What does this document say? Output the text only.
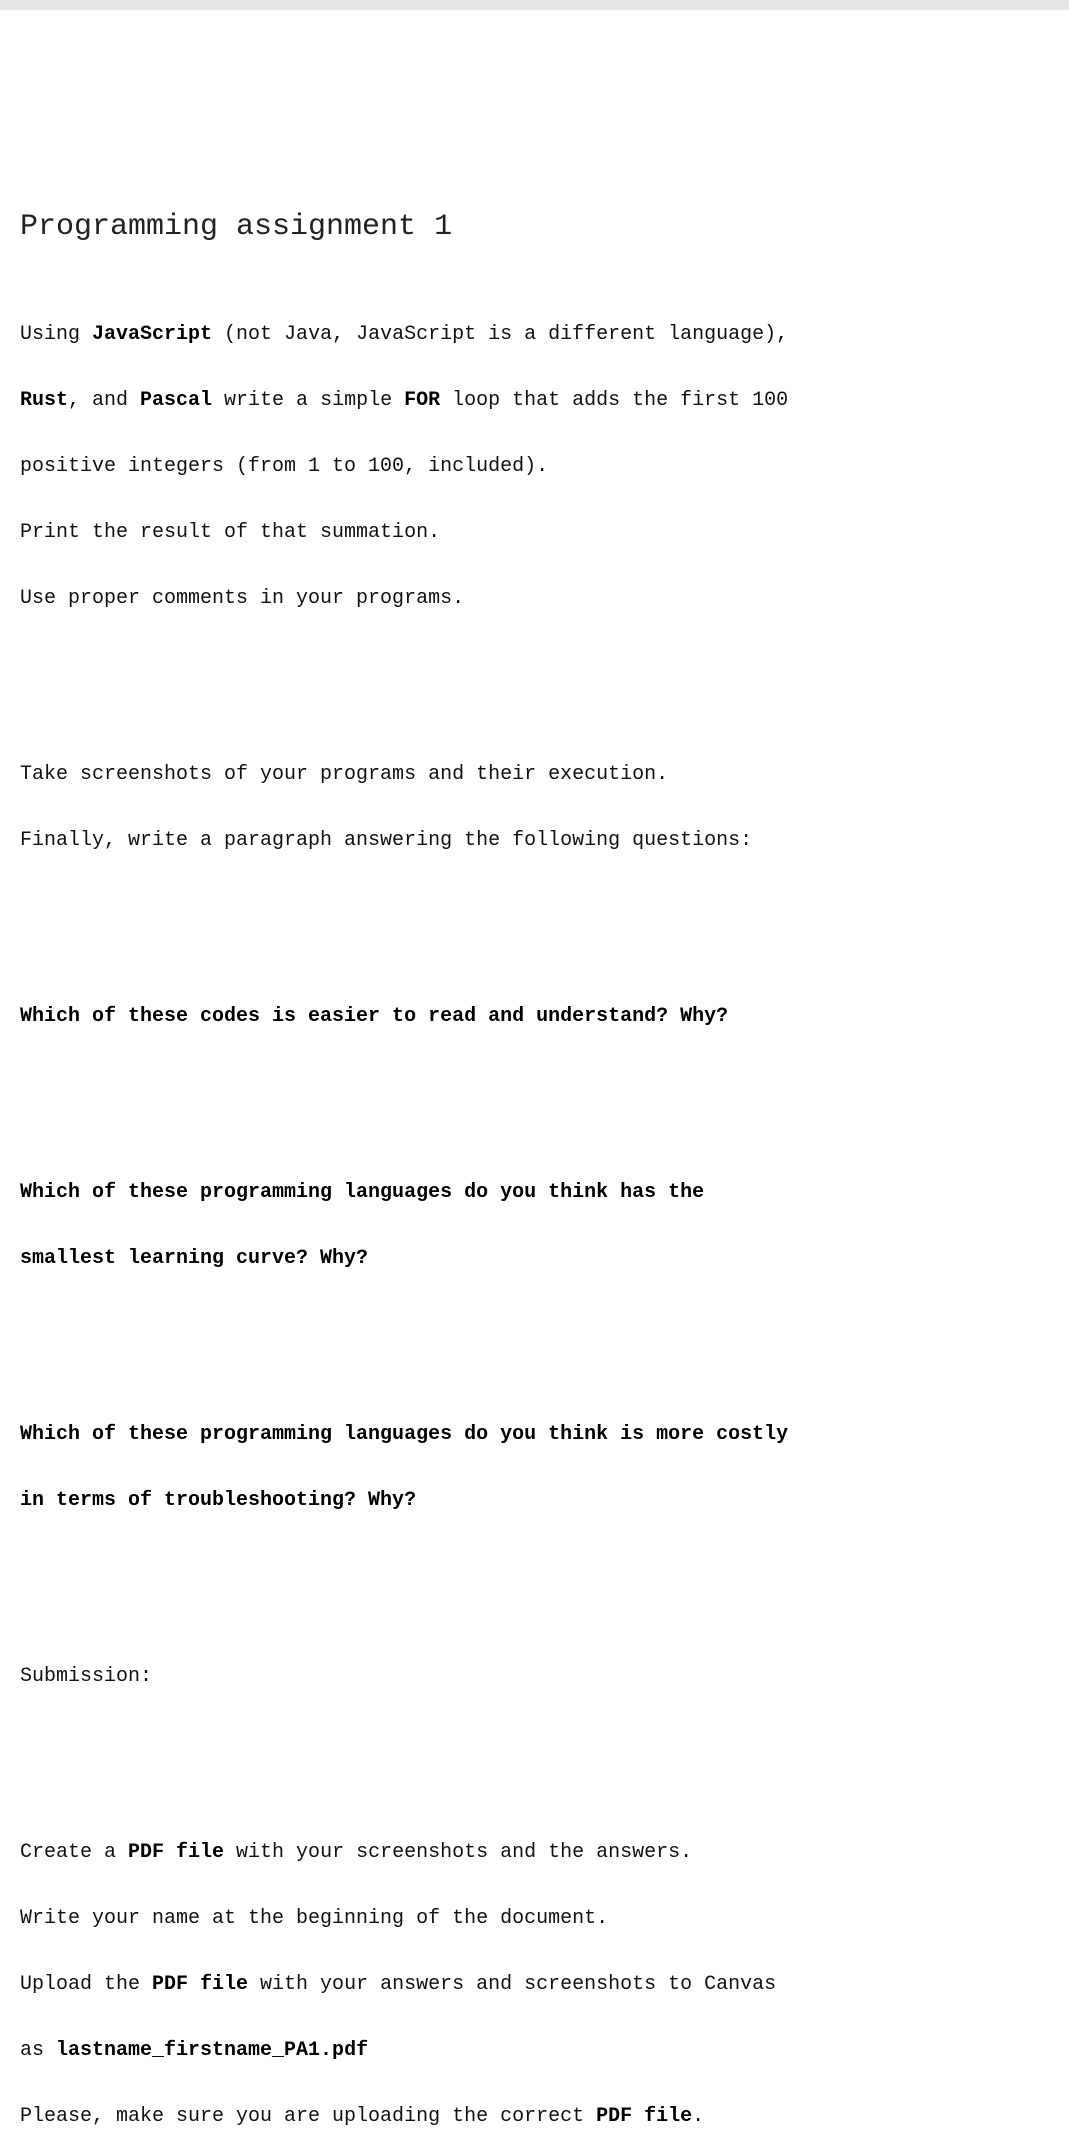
Programming assignment 1

Using JavaScript (not Java, JavaScript is a different language),

Rust, and Pascal write a simple FOR loop that adds the first 100

positive integers (from 1 to 100, included).

Print the result of that summation.

Use proper comments in your programs.

Take screenshots of your programs and their execution.

Finally, write a paragraph answering the following questions:

Which of these codes is easier to read and understand? Why?

Which of these programming languages do you think has the

smallest learning curve? Why?

Which of these programming languages do you think is more costly

in terms of troubleshooting? Why?

Submission:

Create a PDF file with your screenshots and the answers.

Write your name at the beginning of the document.

Upload the PDF file with your answers and screenshots to Canvas

as lastname_firstname_PA1.pdf

Please, make sure you are uploading the correct PDF file.
